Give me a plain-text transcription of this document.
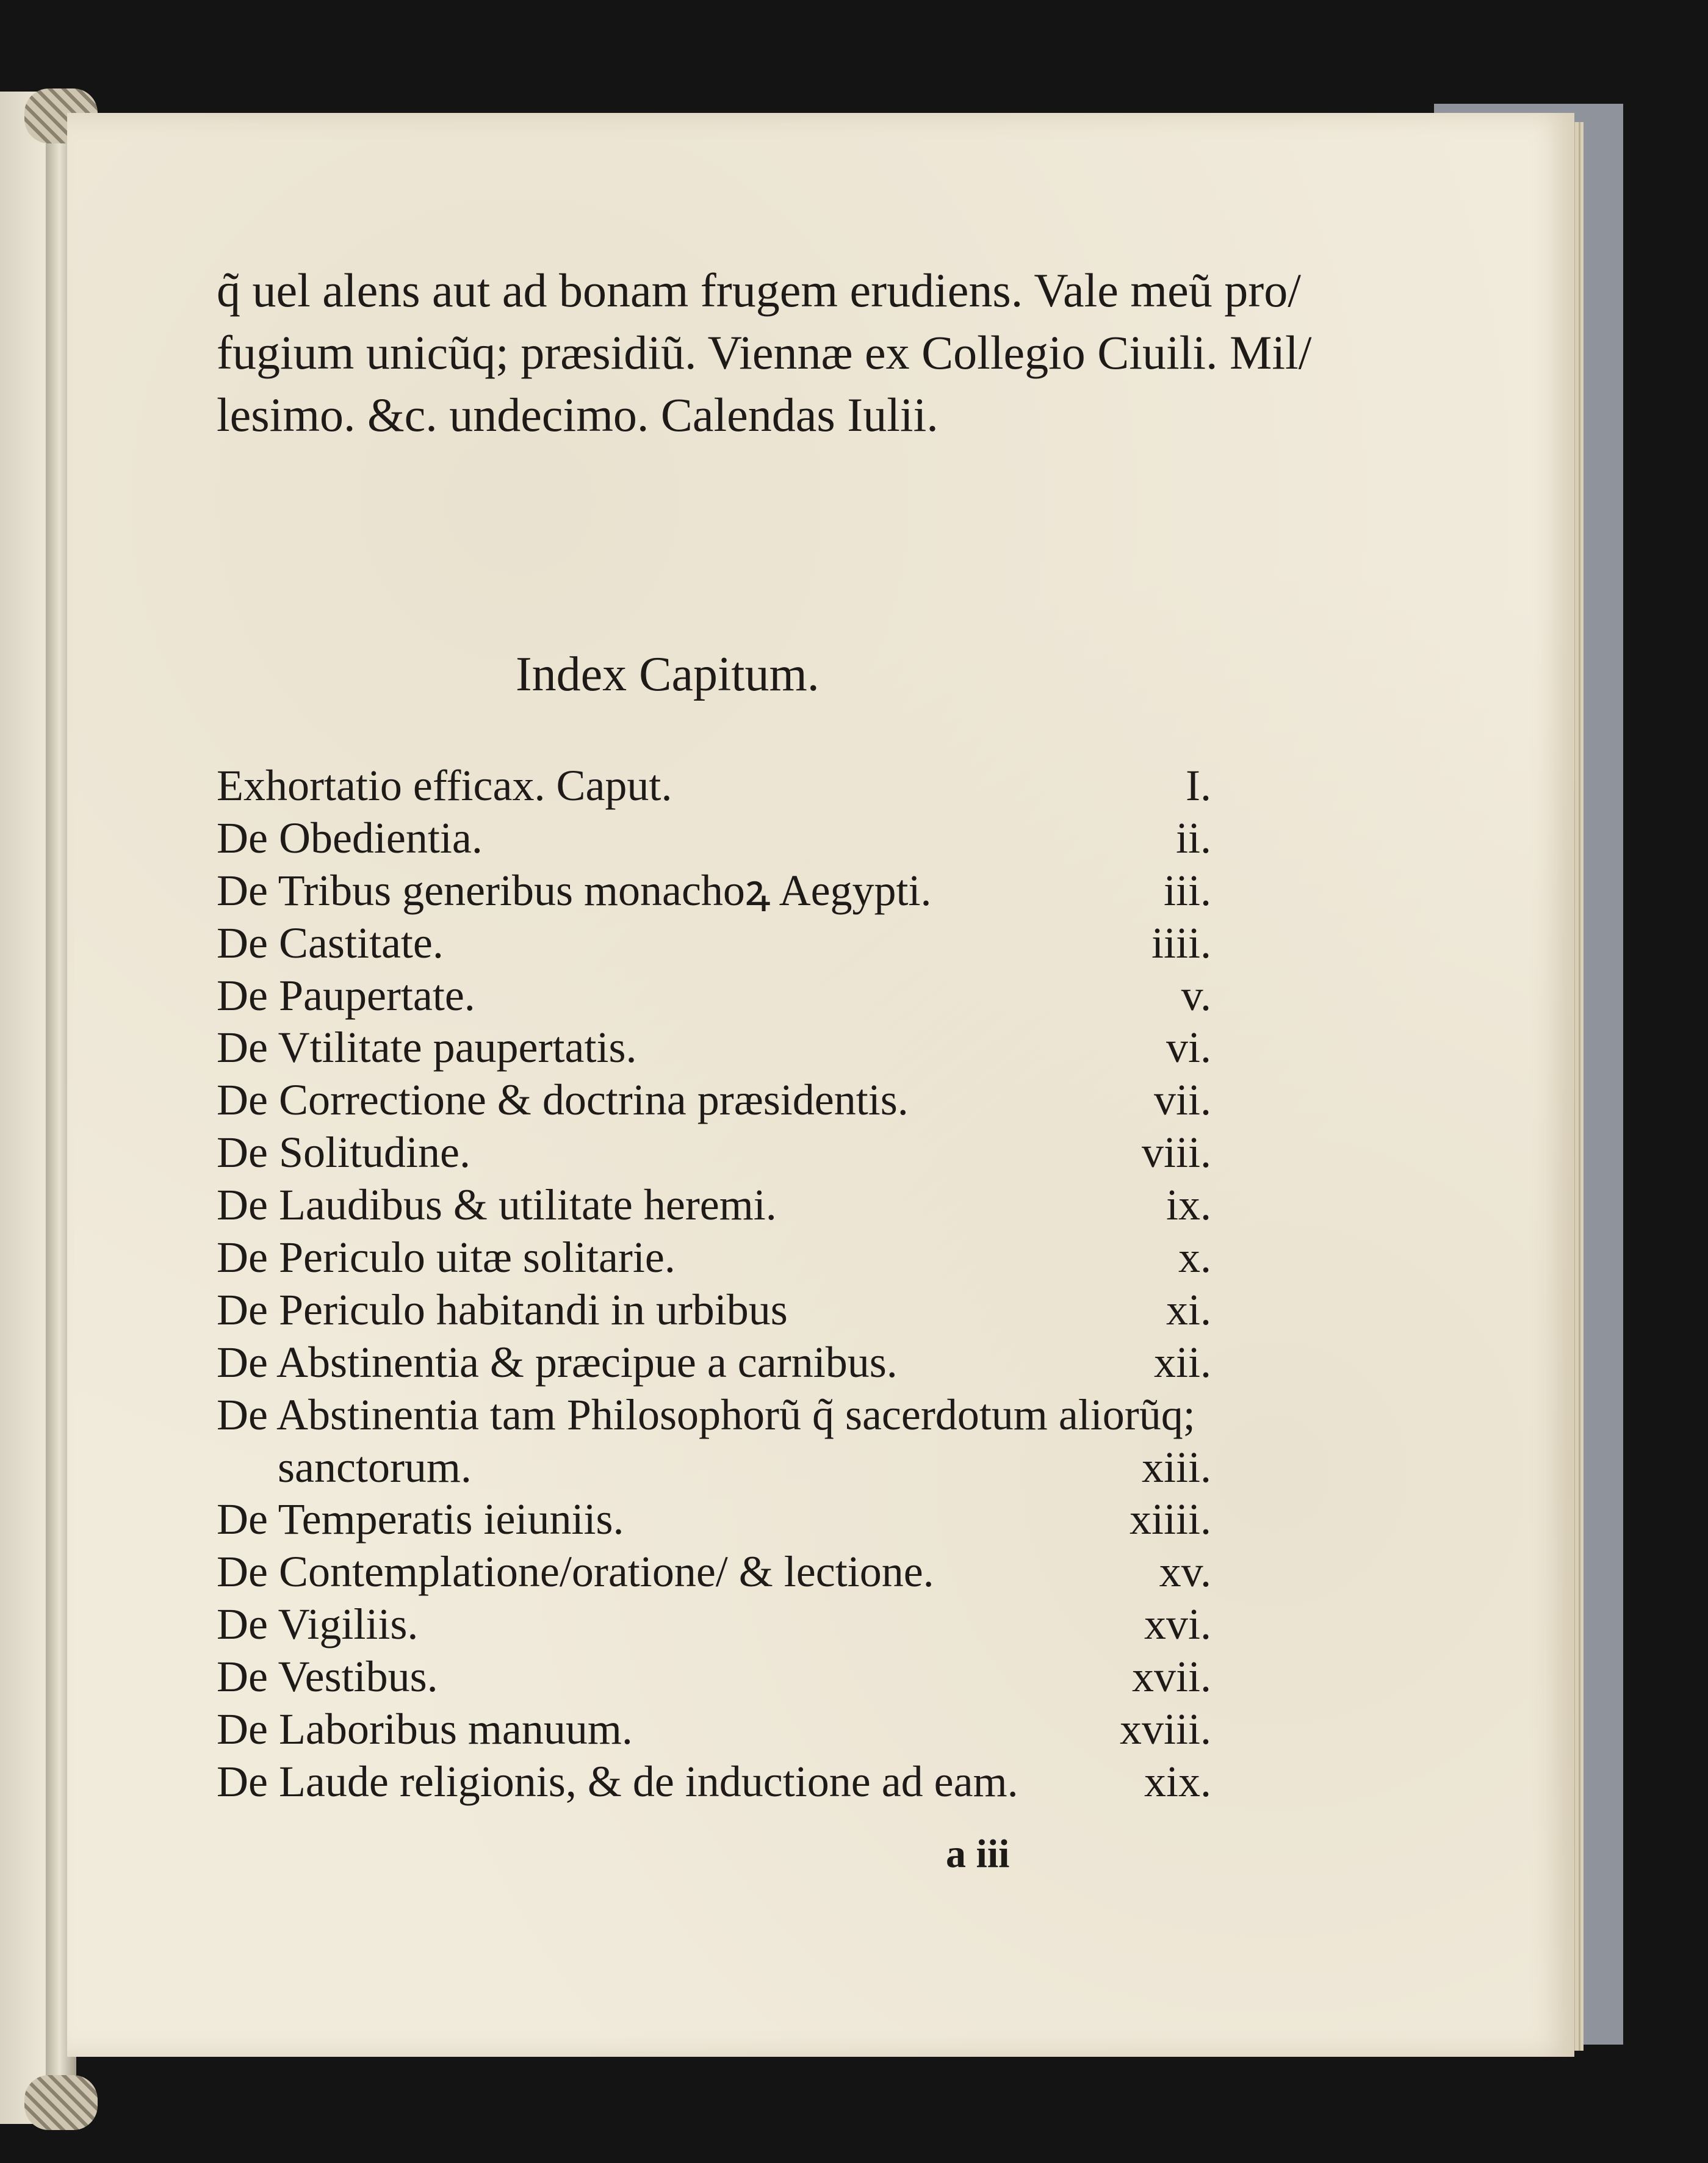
q̃ uel alens aut ad bonam frugem erudiens. Vale meũ pro/
fugium unicũq; præsidiũ. Viennæ ex Collegio Ciuili. Mil/
lesimo. &c. undecimo. Calendas Iulii.
Index Capitum.
Exhortatio efficax. Caput.	I.
De Obedientia.	ii.
De Tribus generibus monachoꝝ Aegypti.	iii.
De Castitate.	iiii.
De Paupertate.	v.
De Vtilitate paupertatis.	vi.
De Correctione & doctrina præsidentis.	vii.
De Solitudine.	viii.
De Laudibus & utilitate heremi.	ix.
De Periculo uitæ solitarie.	x.
De Periculo habitandi in urbibus	xi.
De Abstinentia & præcipue a carnibus.	xii.
De Abstinentia tam Philosophorũ q̃ sacerdotum aliorũq;
sanctorum.	xiii.
De Temperatis ieiuniis.	xiiii.
De Contemplatione/oratione/ & lectione.	xv.
De Vigiliis.	xvi.
De Vestibus.	xvii.
De Laboribus manuum.	xviii.
De Laude religionis, & de inductione ad eam.	xix.
a iii
